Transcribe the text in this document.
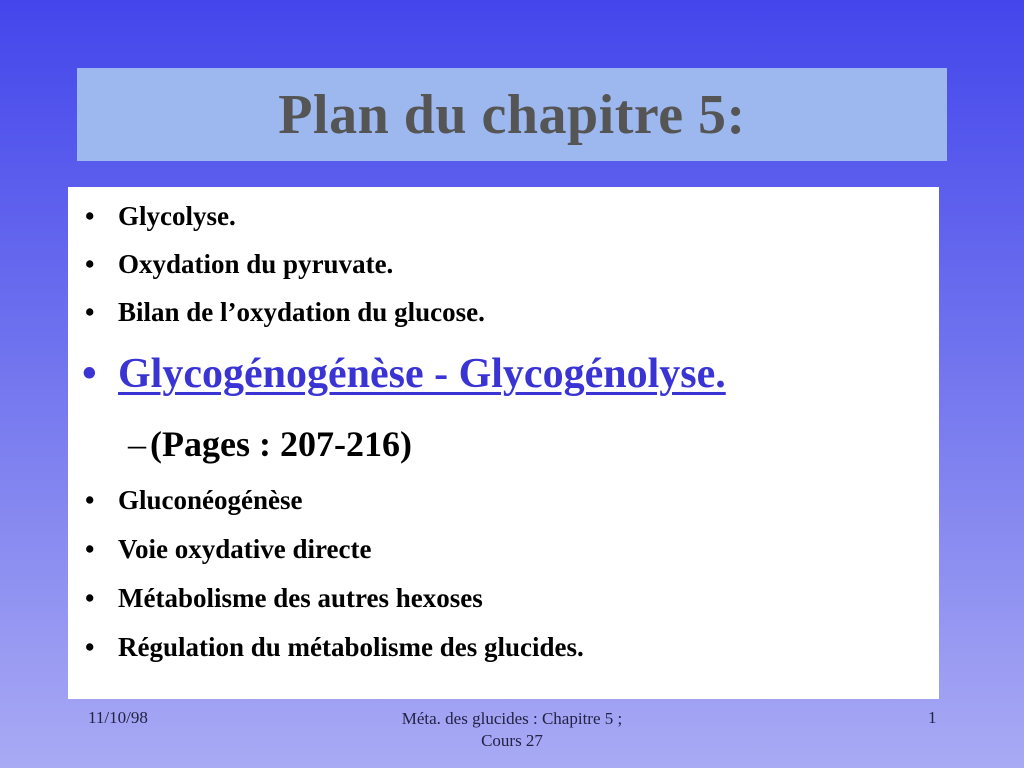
Plan du chapitre 5:
• Glycolyse.
• Oxydation du pyruvate.
• Bilan de l’oxydation du glucose.
• Glycogénogénèse - Glycogénolyse.
– (Pages : 207-216)
• Gluconéogénèse
• Voie oxydative directe
• Métabolisme des autres hexoses
• Régulation du métabolisme des glucides.
11/10/98	Méta. des glucides : Chapitre 5 ;
Cours 27
1
